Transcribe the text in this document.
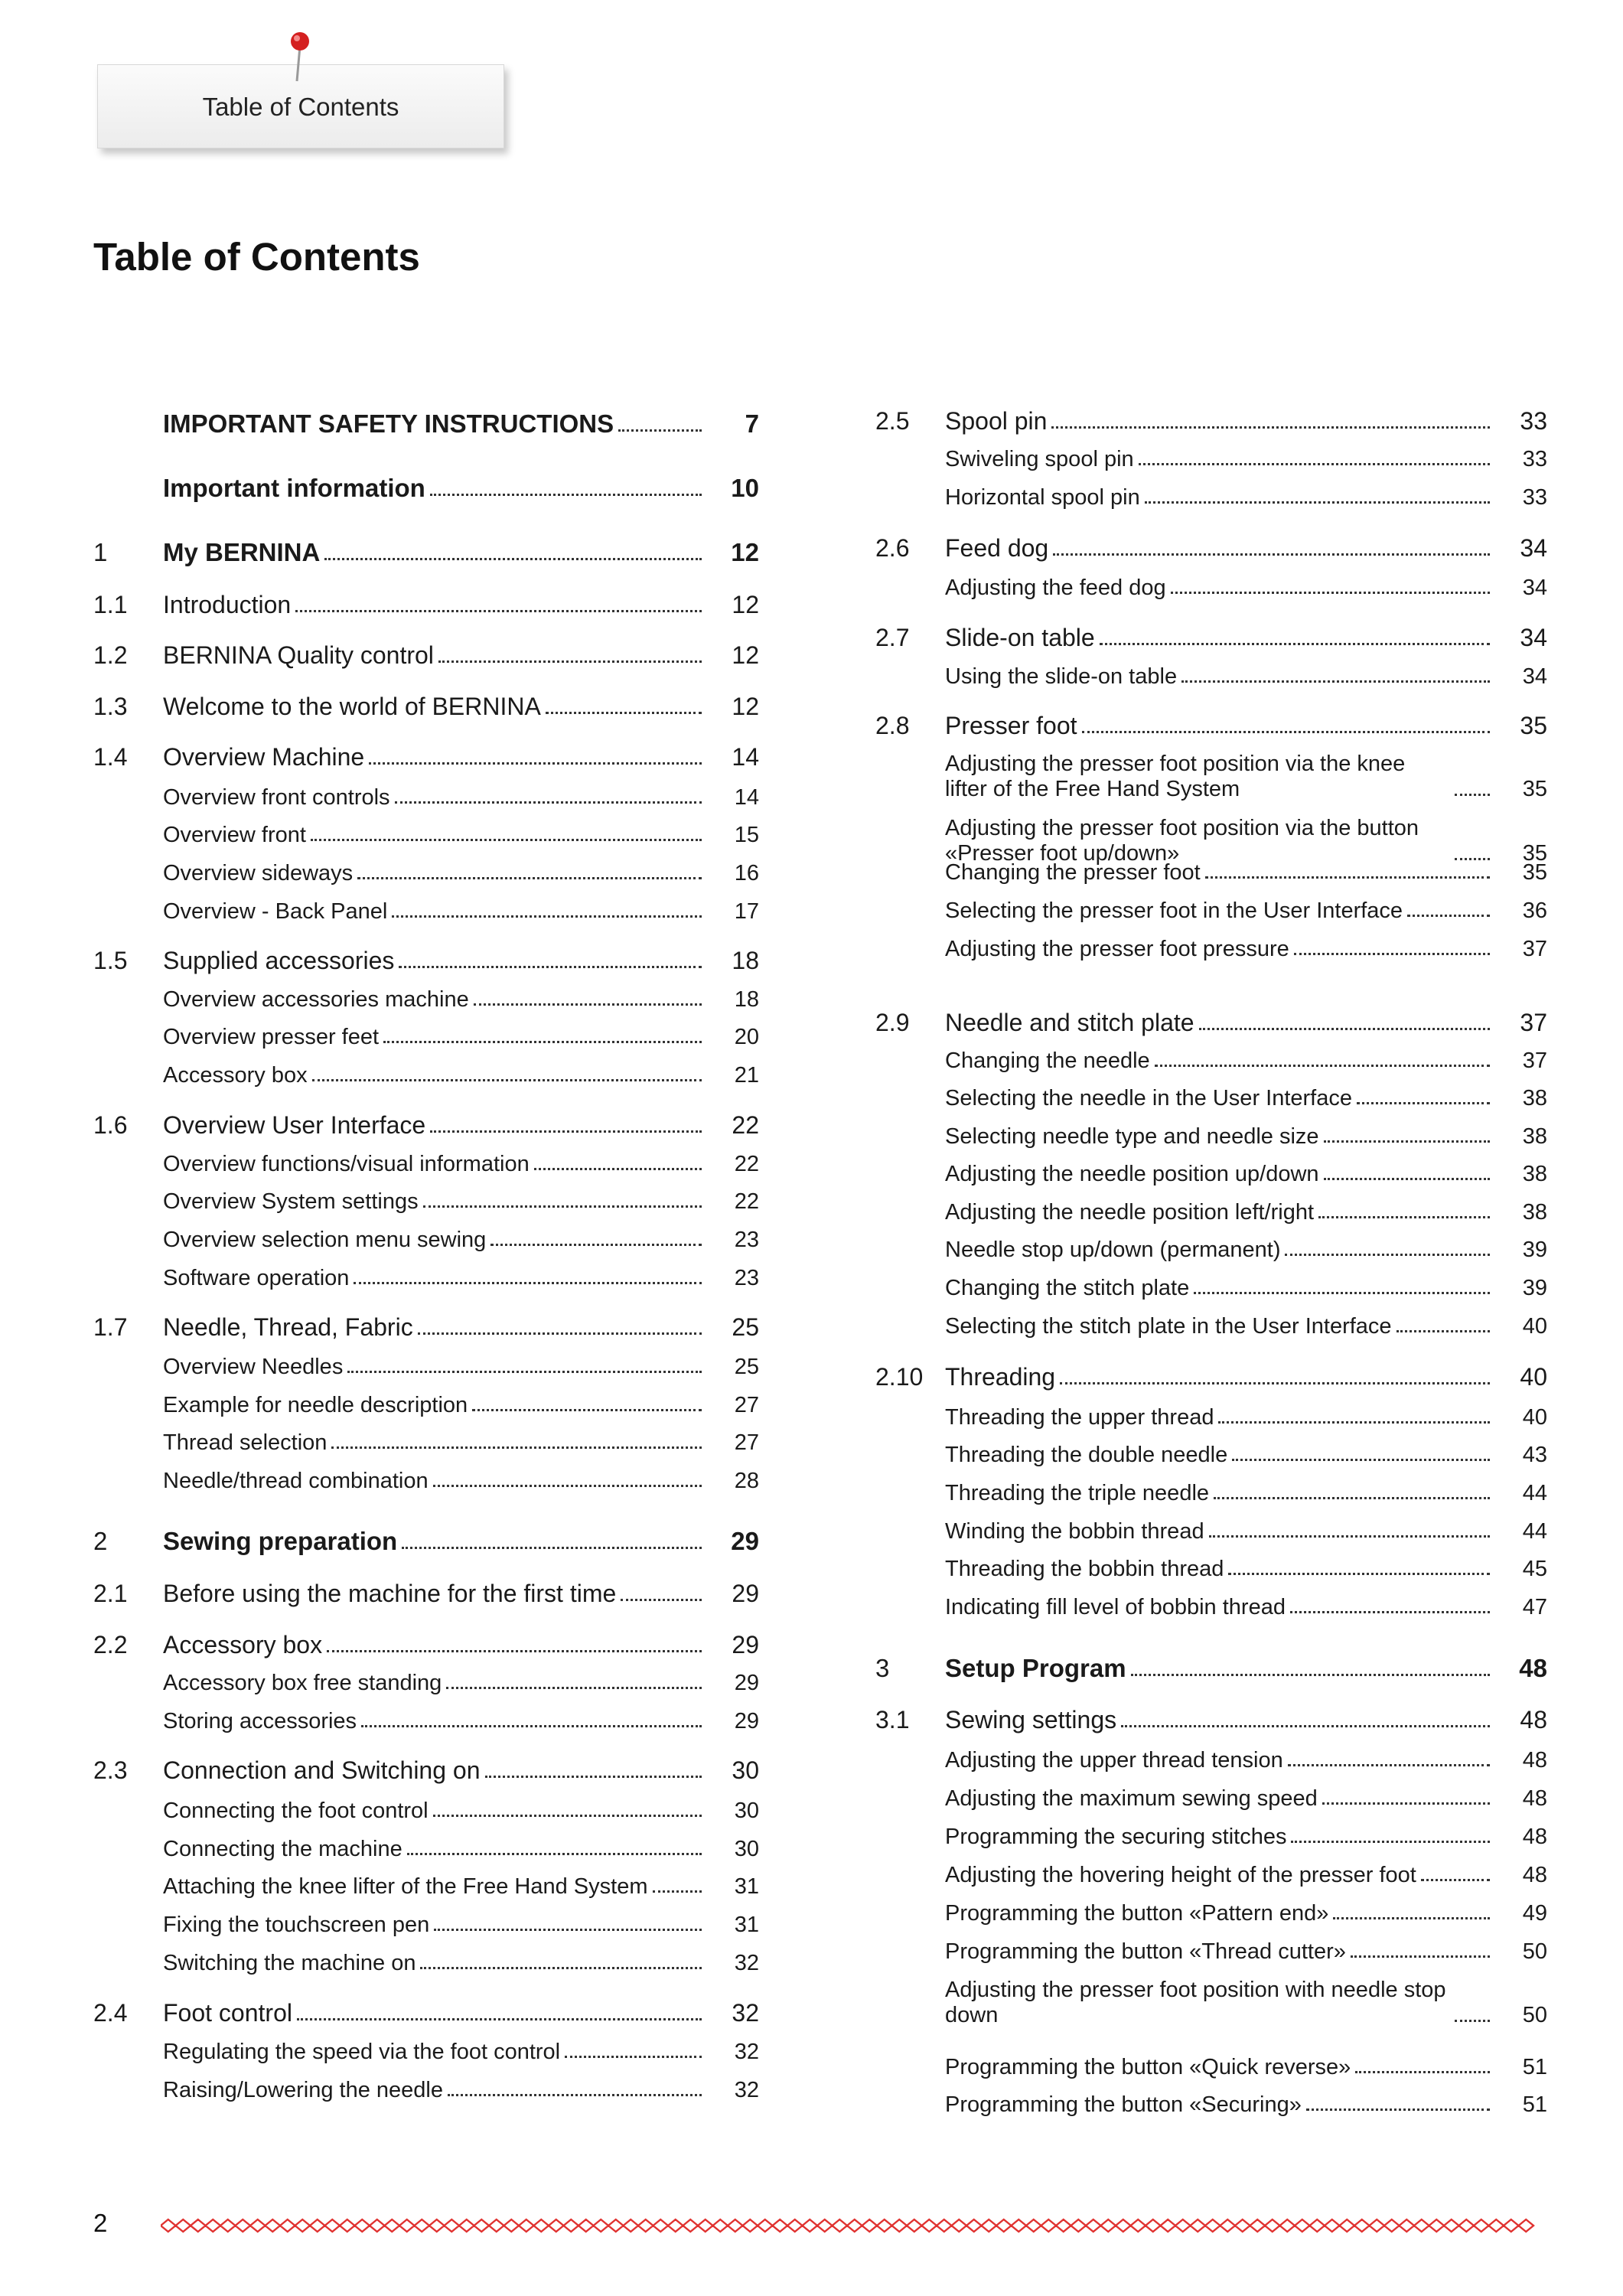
Table of Contents
Table of Contents
IMPORTANT SAFETY INSTRUCTIONS	7
Important information	10
1	My BERNINA	12
1.1	Introduction	12
1.2	BERNINA Quality control	12
1.3	Welcome to the world of BERNINA	12
1.4	Overview Machine	14
Overview front controls	14
Overview front	15
Overview sideways	16
Overview - Back Panel	17
1.5	Supplied accessories	18
Overview accessories machine	18
Overview presser feet	20
Accessory box	21
1.6	Overview User Interface	22
Overview functions/visual information	22
Overview System settings	22
Overview selection menu sewing	23
Software operation	23
1.7	Needle, Thread, Fabric	25
Overview Needles	25
Example for needle description	27
Thread selection	27
Needle/thread combination	28
2	Sewing preparation	29
2.1	Before using the machine for the first time	29
2.2	Accessory box	29
Accessory box free standing	29
Storing accessories	29
2.3	Connection and Switching on	30
Connecting the foot control	30
Connecting the machine	30
Attaching the knee lifter of the Free Hand System	31
Fixing the touchscreen pen	31
Switching the machine on	32
2.4	Foot control	32
Regulating the speed via the foot control	32
Raising/Lowering the needle	32
2.5	Spool pin	33
Swiveling spool pin	33
Horizontal spool pin	33
2.6	Feed dog	34
Adjusting the feed dog	34
2.7	Slide-on table	34
Using the slide-on table	34
2.8	Presser foot	35
Adjusting the presser foot position via the knee lifter of the Free Hand System	35
Adjusting the presser foot position via the button «Presser foot up/down»	35
Changing the presser foot	35
Selecting the presser foot in the User Interface	36
Adjusting the presser foot pressure	37
2.9	Needle and stitch plate	37
Changing the needle	37
Selecting the needle in the User Interface	38
Selecting needle type and needle size	38
Adjusting the needle position up/down	38
Adjusting the needle position left/right	38
Needle stop up/down (permanent)	39
Changing the stitch plate	39
Selecting the stitch plate in the User Interface	40
2.10 Threading	40
Threading the upper thread	40
Threading the double needle	43
Threading the triple needle	44
Winding the bobbin thread	44
Threading the bobbin thread	45
Indicating fill level of bobbin thread	47
3	Setup Program	48
3.1	Sewing settings	48
Adjusting the upper thread tension	48
Adjusting the maximum sewing speed	48
Programming the securing stitches	48
Adjusting the hovering height of the presser foot	48
Programming the button «Pattern end»	49
Programming the button «Thread cutter»	50
Adjusting the presser foot position with needle stop down	50
Programming the button «Quick reverse»	51
Programming the button «Securing»	51
2
